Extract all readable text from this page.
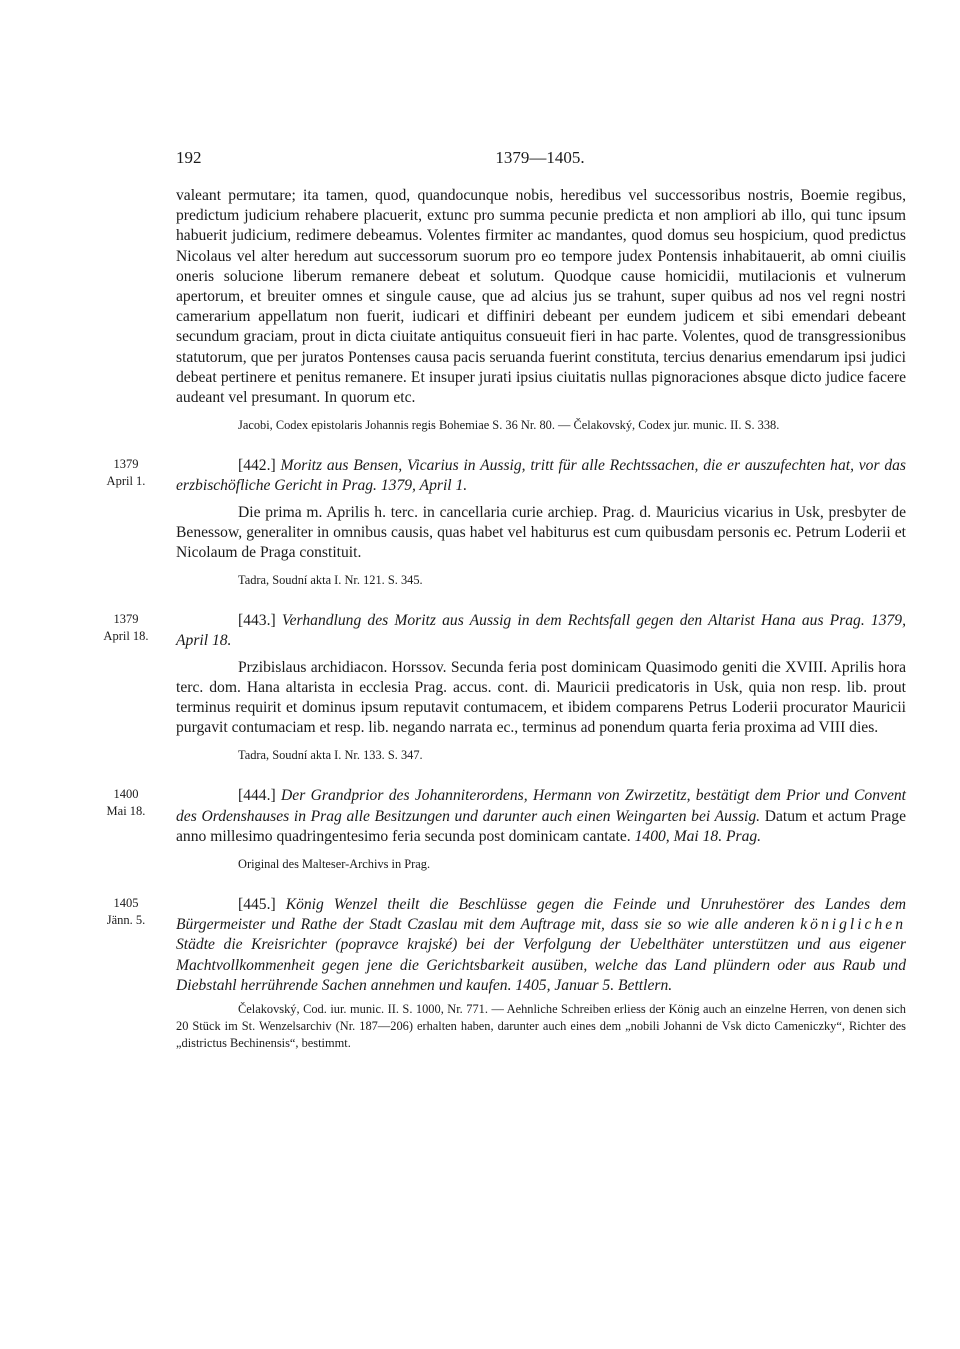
192	1379—1405.

valeant permutare; ita tamen, quod, quandocunque nobis, heredibus vel successoribus nostris, Boemie regibus, predictum judicium rehabere placuerit, extunc pro summa pecunie predicta et non ampliori ab illo, qui tunc ipsum habuerit judicium, redimere debeamus. Volentes firmiter ac mandantes, quod domus seu hospicium, quod predictus Nicolaus vel alter heredum aut successorum suorum pro eo tempore judex Pontensis inhabitauerit, ab omni ciuilis oneris solucione liberum remanere debeat et solutum. Quodque cause homicidii, mutilacionis et vulnerum apertorum, et breuiter omnes et singule cause, que ad alcius jus se trahunt, super quibus ad nos vel regni nostri camerarium appellatum non fuerit, iudicari et diffiniri debeant per eundem judicem et sibi emendari debeant secundum graciam, prout in dicta ciuitate antiquitus consueuit fieri in hac parte. Volentes, quod de transgressionibus statutorum, que per juratos Pontenses causa pacis seruanda fuerint constituta, tercius denarius emendarum ipsi judici debeat pertinere et penitus remanere. Et insuper jurati ipsius ciuitatis nullas pignoraciones absque dicto judice facere audeant vel presumant. In quorum etc.

Jacobi, Codex epistolaris Johannis regis Bohemiae S. 36 Nr. 80. — Čelakovský, Codex jur. munic. II. S. 338.

1379
April 1.

[442.] Moritz aus Bensen, Vicarius in Aussig, tritt für alle Rechtssachen, die er auszufechten hat, vor das erzbischöfliche Gericht in Prag. 1379, April 1.

Die prima m. Aprilis h. terc. in cancellaria curie archiep. Prag. d. Mauricius vicarius in Usk, presbyter de Benessow, generaliter in omnibus causis, quas habet vel habiturus est cum quibusdam personis ec. Petrum Loderii et Nicolaum de Praga constituit.

Tadra, Soudní akta I. Nr. 121. S. 345.

1379
April 18.

[443.] Verhandlung des Moritz aus Aussig in dem Rechtsfall gegen den Altarist Hana aus Prag. 1379, April 18.

Przibislaus archidiacon. Horssov. Secunda feria post dominicam Quasimodo geniti die XVIII. Aprilis hora terc. dom. Hana altarista in ecclesia Prag. accus. cont. di. Mauricii predicatoris in Usk, quia non resp. lib. prout terminus requirit et dominus ipsum reputavit contumacem, et ibidem comparens Petrus Loderii procurator Mauricii purgavit contumaciam et resp. lib. negando narrata ec., terminus ad ponendum quarta feria proxima ad VIII dies.

Tadra, Soudní akta I. Nr. 133. S. 347.

1400
Mai 18.

[444.] Der Grandprior des Johanniterordens, Hermann von Zwirzetitz, bestätigt dem Prior und Convent des Ordenshauses in Prag alle Besitzungen und darunter auch einen Weingarten bei Aussig. Datum et actum Prage anno millesimo quadringentesimo feria secunda post dominicam cantate. 1400, Mai 18. Prag.

Original des Malteser-Archivs in Prag.

1405
Jänn. 5.

[445.] König Wenzel theilt die Beschlüsse gegen die Feinde und Unruhestörer des Landes dem Bürgermeister und Rathe der Stadt Czaslau mit dem Auftrage mit, dass sie so wie alle anderen königlichen Städte die Kreisrichter (popravce krajské) bei der Verfolgung der Uebelthäter unterstützen und aus eigener Machtvollkommenheit gegen jene die Gerichtsbarkeit ausüben, welche das Land plündern oder aus Raub und Diebstahl herrührende Sachen annehmen und kaufen. 1405, Januar 5. Bettlern.

Čelakovský, Cod. iur. munic. II. S. 1000, Nr. 771. — Aehnliche Schreiben erliess der König auch an einzelne Herren, von denen sich 20 Stück im St. Wenzelsarchiv (Nr. 187—206) erhalten haben, darunter auch eines dem „nobili Johanni de Vsk dicto Cameniczky“, Richter des „districtus Bechinensis“, bestimmt.
